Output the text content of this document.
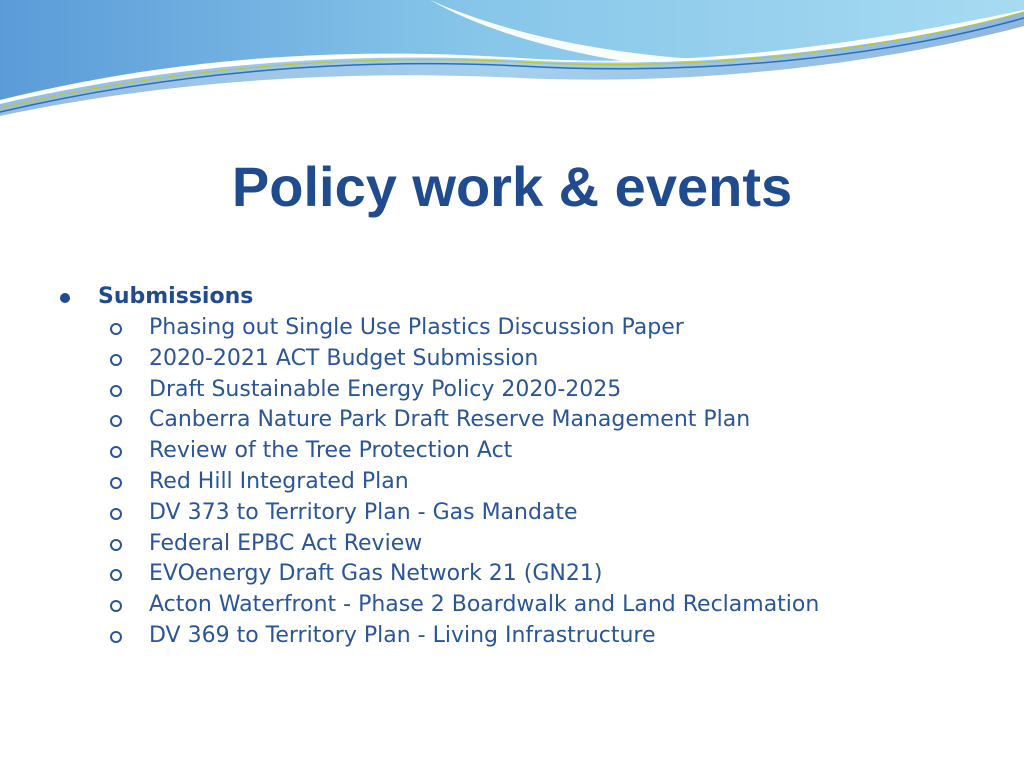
Policy work & events
Submissions
Phasing out Single Use Plastics Discussion Paper
2020-2021 ACT Budget Submission
Draft Sustainable Energy Policy 2020-2025
Canberra Nature Park Draft Reserve Management Plan
Review of the Tree Protection Act
Red Hill Integrated Plan
DV 373 to Territory Plan - Gas Mandate
Federal EPBC Act Review
EVOenergy Draft Gas Network 21 (GN21)
Acton Waterfront - Phase 2 Boardwalk and Land Reclamation
DV 369 to Territory Plan - Living Infrastructure
